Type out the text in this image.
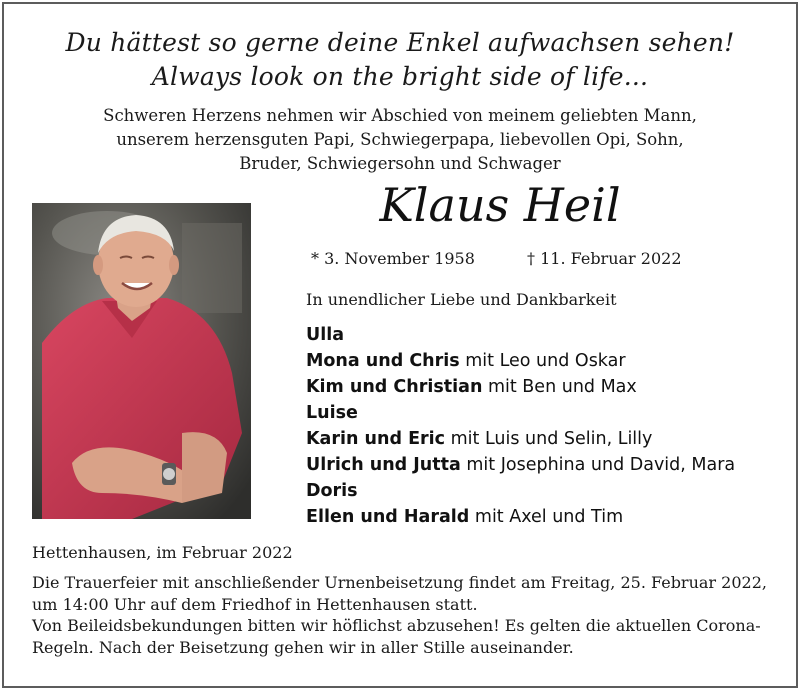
Du hättest so gerne deine Enkel aufwachsen sehen!
Always look on the bright side of life...
Schweren Herzens nehmen wir Abschied von meinem geliebten Mann,
unserem herzensguten Papi, Schwiegerpapa, liebevollen Opi, Sohn,
Bruder, Schwiegersohn und Schwager
Klaus Heil
* 3. November 1958	† 11. Februar 2022
In unendlicher Liebe und Dankbarkeit
Ulla
Mona und Chris mit Leo und Oskar
Kim und Christian mit Ben und Max
Luise
Karin und Eric mit Luis und Selin, Lilly
Ulrich und Jutta mit Josephina und David, Mara
Doris
Ellen und Harald mit Axel und Tim
Hettenhausen, im Februar 2022
Die Trauerfeier mit anschließender Urnenbeisetzung findet am Freitag, 25. Februar 2022,
um 14:00 Uhr auf dem Friedhof in Hettenhausen statt.
Von Beileidsbekundungen bitten wir höflichst abzusehen! Es gelten die aktuellen Corona-
Regeln. Nach der Beisetzung gehen wir in aller Stille auseinander.
